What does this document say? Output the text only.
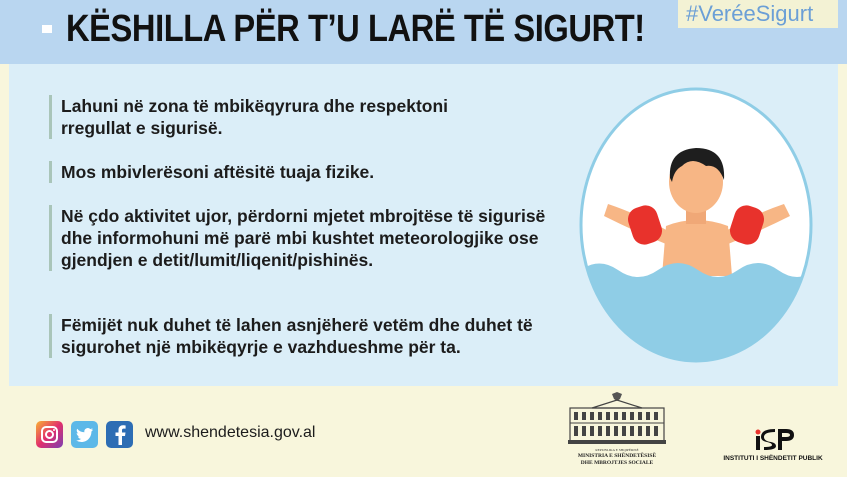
KËSHILLA PËR T’U LARË TË SIGURT! #VeréeSigurt
Lahuni në zona të mbikëqyrura dhe respektoni rregullat e sigurisë.
Mos mbivlerësoni aftësitë tuaja fizike.
Në çdo aktivitet ujor, përdorni mjetet mbrojtëse të sigurisë dhe informohuni më parë mbi kushtet meteorologjike ose gjendjen e detit/lumit/liqenit/pishinës.
Fëmijët nuk duhet të lahen asnjëherë vetëm dhe duhet të sigurohet një mbikëqyrje e vazhdueshme për ta.
www.shendetesia.gov.al
REPUBLIKA E SHQIPËRISË
MINISTRIA E SHËNDETËSISË
DHE MBROJTJES SOCIALE
INSTITUTI I SHËNDETIT PUBLIK
